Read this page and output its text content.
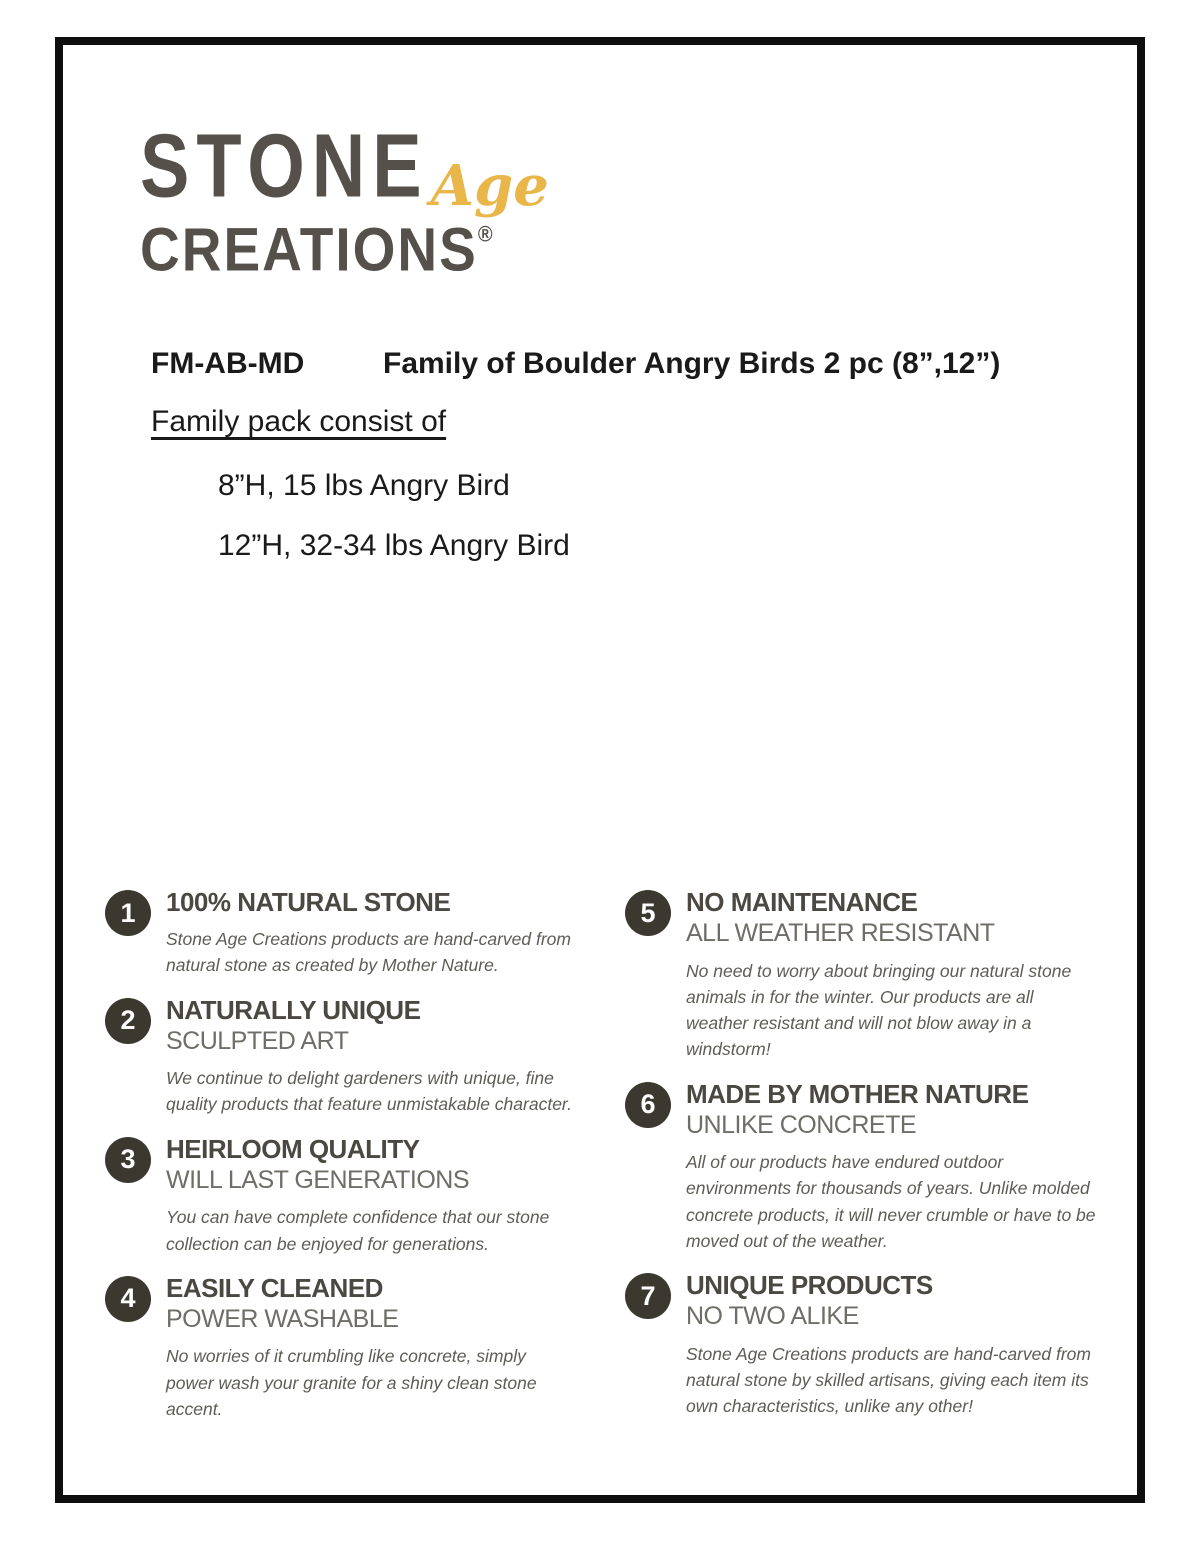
STONEAge
CREATIONS®
FM-AB-MD	Family of Boulder Angry Birds 2 pc (8”,12”)
Family pack consist of
8”H, 15 lbs Angry Bird
12”H, 32-34 lbs Angry Bird
1	100% NATURAL STONE
Stone Age Creations products are hand-carved from natural stone as created by Mother Nature.
2	NATURALLY UNIQUE
SCULPTED ART
We continue to delight gardeners with unique, fine quality products that feature unmistakable character.
3	HEIRLOOM QUALITY
WILL LAST GENERATIONS
You can have complete confidence that our stone collection can be enjoyed for generations.
4	EASILY CLEANED
POWER WASHABLE
No worries of it crumbling like concrete, simply power wash your granite for a shiny clean stone accent.
5	NO MAINTENANCE
ALL WEATHER RESISTANT
No need to worry about bringing our natural stone animals in for the winter. Our products are all weather resistant and will not blow away in a windstorm!
6	MADE BY MOTHER NATURE
UNLIKE CONCRETE
All of our products have endured outdoor environments for thousands of years. Unlike molded concrete products, it will never crumble or have to be moved out of the weather.
7	UNIQUE PRODUCTS
NO TWO ALIKE
Stone Age Creations products are hand-carved from natural stone by skilled artisans, giving each item its own characteristics, unlike any other!
